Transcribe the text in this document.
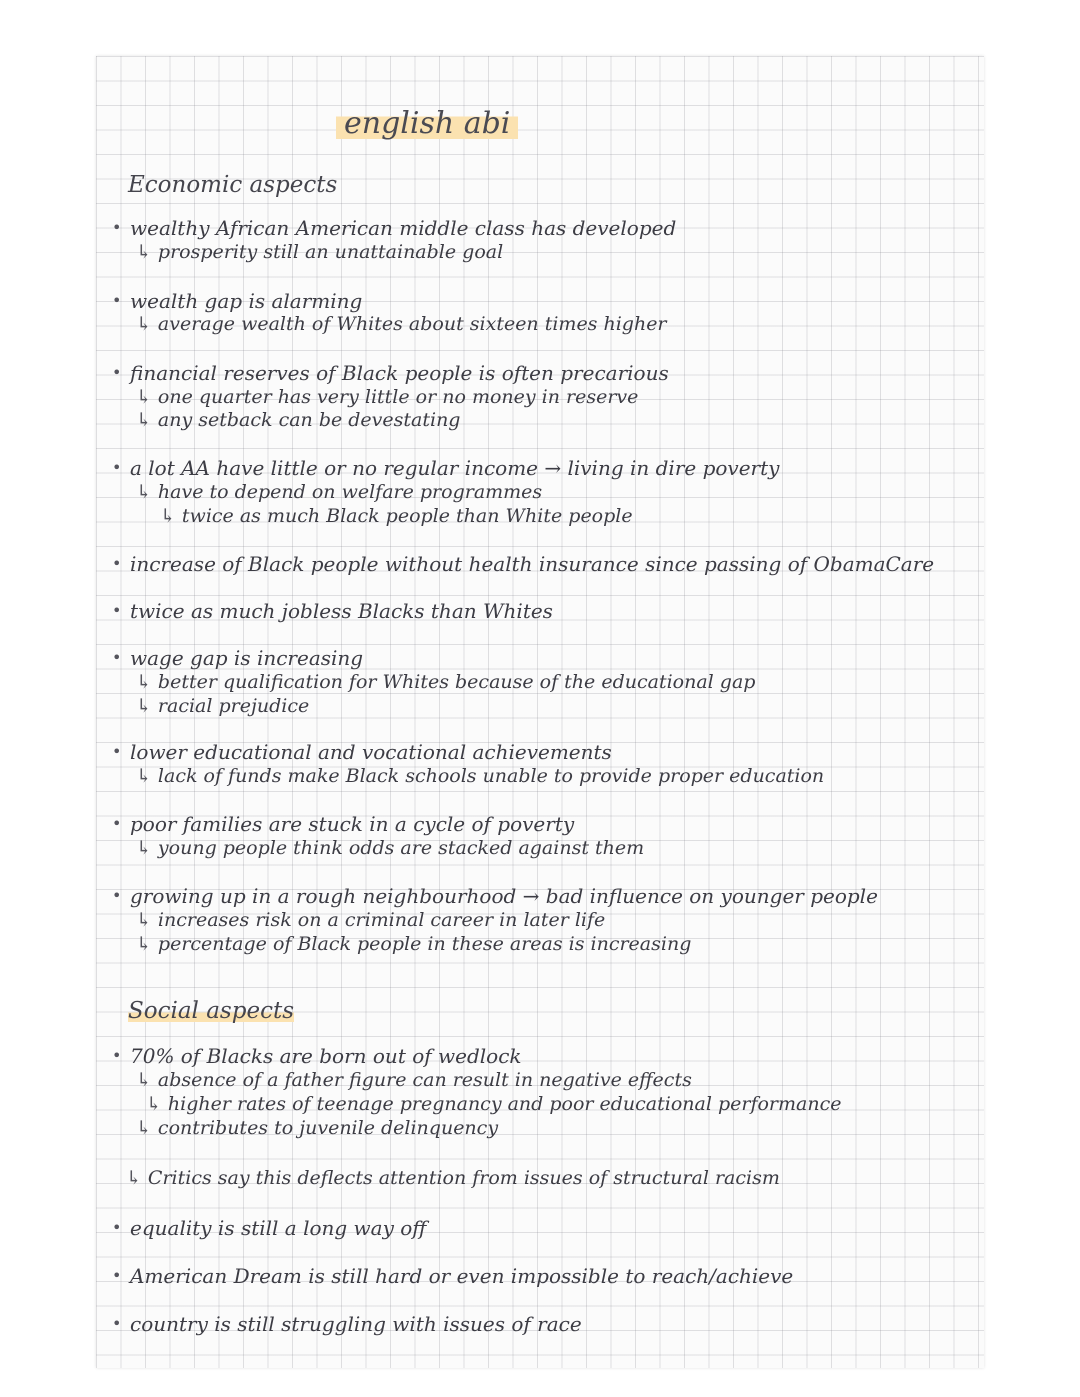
english abi
Economic aspects
• wealthy African American middle class has developed
↳ prosperity still an unattainable goal
• wealth gap is alarming
↳ average wealth of Whites about sixteen times higher
• financial reserves of Black people is often precarious
↳ one quarter has very little or no money in reserve
↳ any setback can be devestating
• a lot AA have little or no regular income → living in dire poverty
↳ have to depend on welfare programmes
↳ twice as much Black people than White people
• increase of Black people without health insurance since passing of ObamaCare
• twice as much jobless Blacks than Whites
• wage gap is increasing
↳ better qualification for Whites because of the educational gap
↳ racial prejudice
• lower educational and vocational achievements
↳ lack of funds make Black schools unable to provide proper education
• poor families are stuck in a cycle of poverty
↳ young people think odds are stacked against them
• growing up in a rough neighbourhood → bad influence on younger people
↳ increases risk on a criminal career in later life
↳ percentage of Black people in these areas is increasing
Social aspects
• 70% of Blacks are born out of wedlock
↳ absence of a father figure can result in negative effects
↳ higher rates of teenage pregnancy and poor educational performance
↳ contributes to juvenile delinquency
↳ Critics say this deflects attention from issues of structural racism
• equality is still a long way off
• American Dream is still hard or even impossible to reach/achieve
• country is still struggling with issues of race
